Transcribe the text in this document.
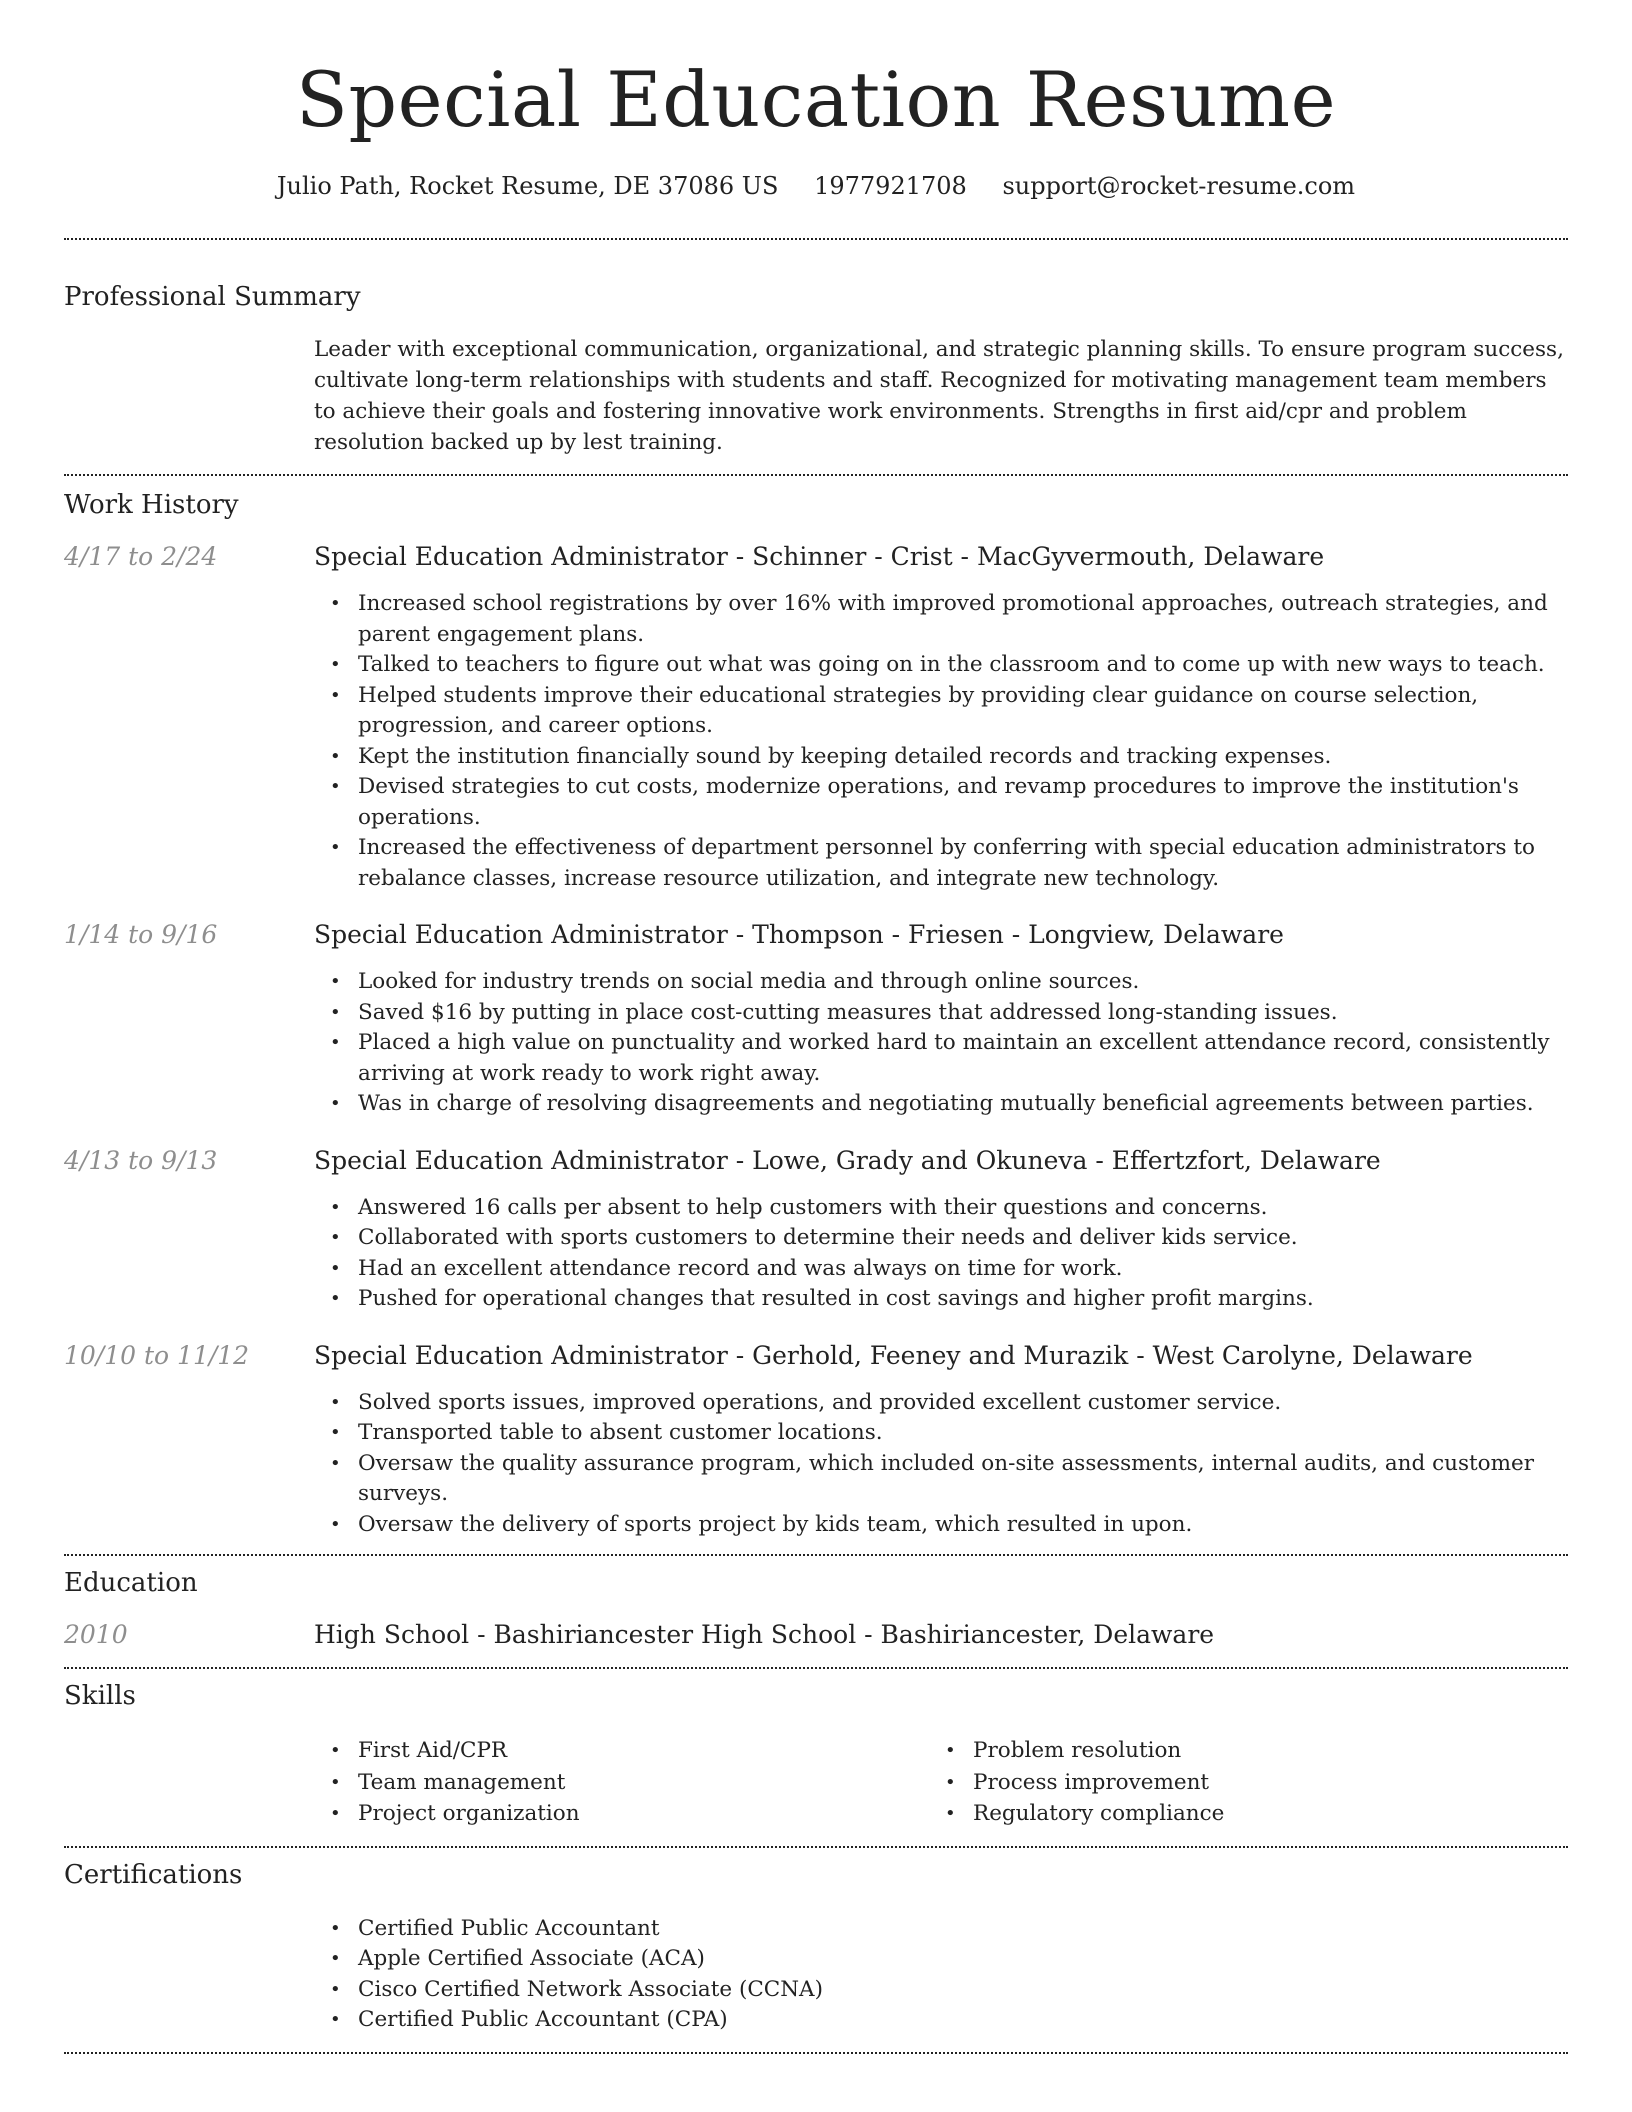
Special Education Resume
Julio Path, Rocket Resume, DE 37086 US 1977921708 support@rocket-resume.com
Professional Summary

Leader with exceptional communication, organizational, and strategic planning skills. To ensure program success, cultivate long-term relationships with students and staff. Recognized for motivating management team members to achieve their goals and fostering innovative work environments. Strengths in first aid/cpr and problem resolution backed up by lest training.

Work History
4/17 to 2/24	Special Education Administrator - Schinner - Crist - MacGyvermouth, Delaware
• Increased school registrations by over 16% with improved promotional approaches, outreach strategies, and parent engagement plans.
• Talked to teachers to figure out what was going on in the classroom and to come up with new ways to teach.
• Helped students improve their educational strategies by providing clear guidance on course selection, progression, and career options.
• Kept the institution financially sound by keeping detailed records and tracking expenses.
• Devised strategies to cut costs, modernize operations, and revamp procedures to improve the institution's operations.
• Increased the effectiveness of department personnel by conferring with special education administrators to rebalance classes, increase resource utilization, and integrate new technology.
1/14 to 9/16	Special Education Administrator - Thompson - Friesen - Longview, Delaware
• Looked for industry trends on social media and through online sources.
• Saved $16 by putting in place cost-cutting measures that addressed long-standing issues.
• Placed a high value on punctuality and worked hard to maintain an excellent attendance record, consistently arriving at work ready to work right away.
• Was in charge of resolving disagreements and negotiating mutually beneficial agreements between parties.
4/13 to 9/13	Special Education Administrator - Lowe, Grady and Okuneva - Effertzfort, Delaware
• Answered 16 calls per absent to help customers with their questions and concerns.
• Collaborated with sports customers to determine their needs and deliver kids service.
• Had an excellent attendance record and was always on time for work.
• Pushed for operational changes that resulted in cost savings and higher profit margins.
10/10 to 11/12	Special Education Administrator - Gerhold, Feeney and Murazik - West Carolyne, Delaware
• Solved sports issues, improved operations, and provided excellent customer service.
• Transported table to absent customer locations.
• Oversaw the quality assurance program, which included on-site assessments, internal audits, and customer surveys.
• Oversaw the delivery of sports project by kids team, which resulted in upon.
Education
2010	High School - Bashiriancester High School - Bashiriancester, Delaware
Skills
• First Aid/CPR
• Team management
• Project organization
• Problem resolution
• Process improvement
• Regulatory compliance
Certifications
• Certified Public Accountant
• Apple Certified Associate (ACA)
• Cisco Certified Network Associate (CCNA)
• Certified Public Accountant (CPA)
